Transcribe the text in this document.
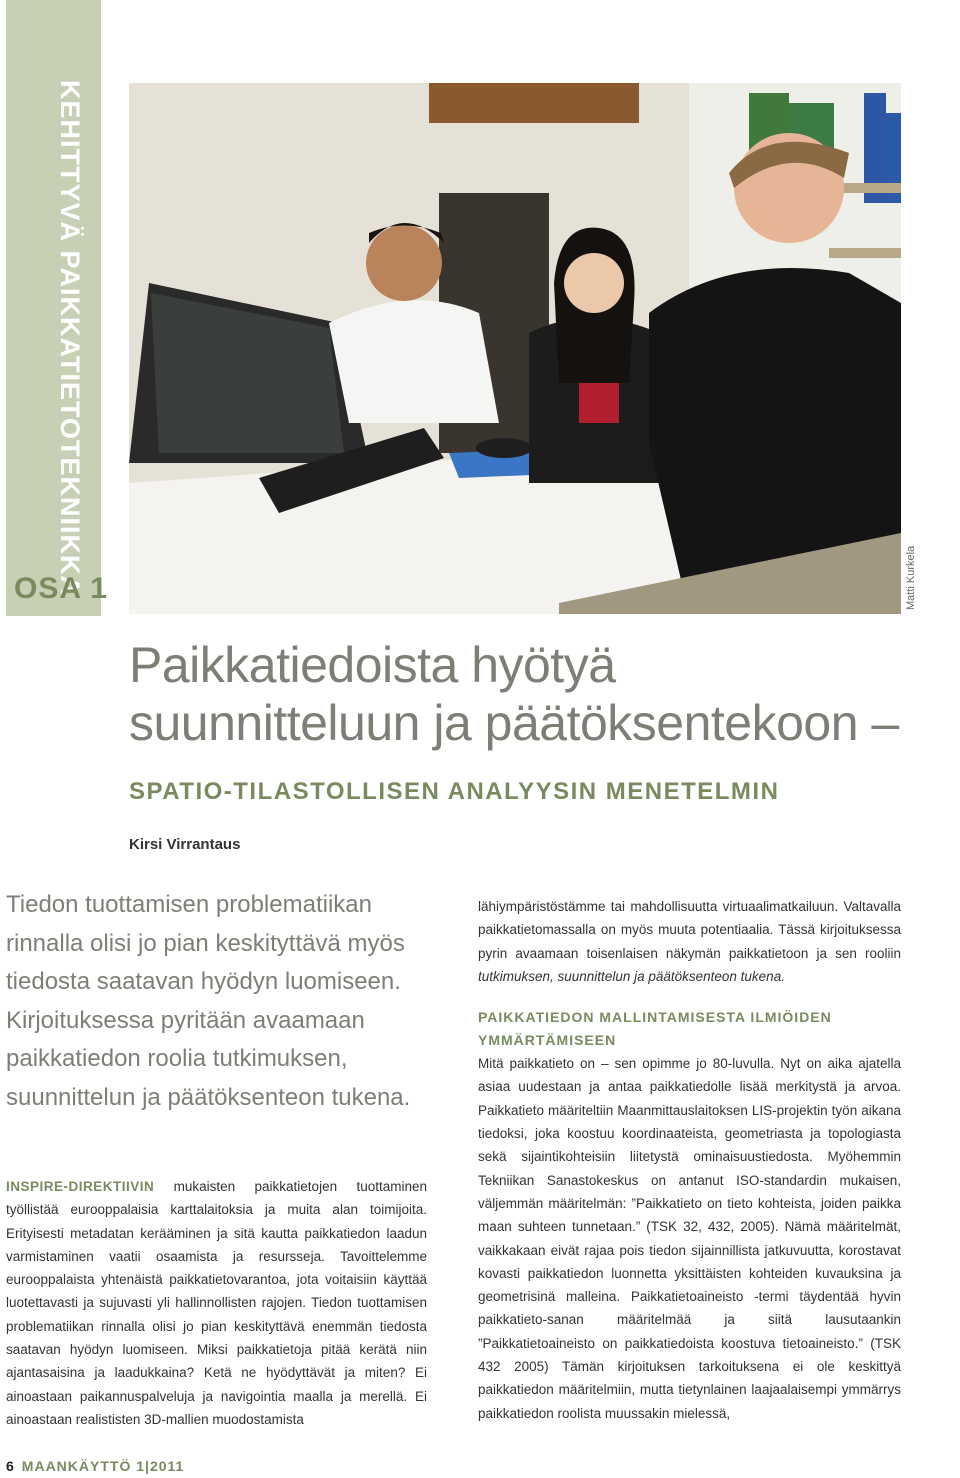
KEHITTYVÄ PAIKKATIETOTEKNIIKKA
OSA 1	Matti Kurkela
Paikkatiedoista hyötyä
suunnitteluun ja päätöksentekoon –
SPATIO-TILASTOLLISEN ANALYYSIN MENETELMIN
Kirsi Virrantaus

Tiedon tuottamisen problematiikan rinnalla olisi jo pian keskityttävä myös tiedosta saatavan hyödyn luomiseen. Kirjoituksessa pyritään avaamaan paikkatiedon roolia tutkimuksen, suunnittelun ja päätöksenteon tukena.

INSPIRE-DIREKTIIVIN mukaisten paikkatietojen tuottaminen työllistää eurooppalaisia karttalaitoksia ja muita alan toimijoita. Erityisesti metadatan kerääminen ja sitä kautta paikkatiedon laadun varmistaminen vaatii osaamista ja resursseja. Tavoittelemme eurooppalaista yhtenäistä paikkatietovarantoa, jota voitaisiin käyttää luotettavasti ja sujuvasti yli hallinnollisten rajojen. Tiedon tuottamisen problematiikan rinnalla olisi jo pian keskityttävä enemmän tiedosta saatavan hyödyn luomiseen. Miksi paikkatietoja pitää kerätä niin ajantasaisina ja laadukkaina? Ketä ne hyödyttävät ja miten? Ei ainoastaan paikannuspalveluja ja navigointia maalla ja merellä. Ei ainoastaan realististen 3D-mallien muodostamista

lähiympäristöstämme tai mahdollisuutta virtuaalimatkailuun. Valtavalla paikkatietomassalla on myös muuta potentiaalia. Tässä kirjoituksessa pyrin avaamaan toisenlaisen näkymän paikkatietoon ja sen rooliin tutkimuksen, suunnittelun ja päätöksenteon tukena.

PAIKKATIEDON MALLINTAMISESTA ILMIÖIDEN YMMÄRTÄMISEEN

Mitä paikkatieto on – sen opimme jo 80-luvulla. Nyt on aika ajatella asiaa uudestaan ja antaa paikkatiedolle lisää merkitystä ja arvoa. Paikkatieto määriteltiin Maanmittauslaitoksen LIS-projektin työn aikana tiedoksi, joka koostuu koordinaateista, geometriasta ja topologiasta sekä sijaintikohteisiin liitetystä ominaisuustiedosta. Myöhemmin Tekniikan Sanastokeskus on antanut ISO-standardin mukaisen, väljemmän määritelmän: ”Paikkatieto on tieto kohteista, joiden paikka maan suhteen tunnetaan.” (TSK 32, 432, 2005). Nämä määritelmät, vaikkakaan eivät rajaa pois tiedon sijainnillista jatkuvuutta, korostavat kovasti paikkatiedon luonnetta yksittäisten kohteiden kuvauksina ja geometrisinä malleina. Paikkatietoaineisto -termi täydentää hyvin paikkatieto-sanan määritelmää ja siitä lausutaankin ”Paikkatietoaineisto on paikkatiedoista koostuva tietoaineisto.” (TSK 432 2005) Tämän kirjoituksen tarkoituksena ei ole keskittyä paikkatiedon määritelmiin, mutta tietynlainen laajaalaisempi ymmärrys paikkatiedon roolista muussakin mielessä,

6 MAANKÄYTTÖ 1|2011
